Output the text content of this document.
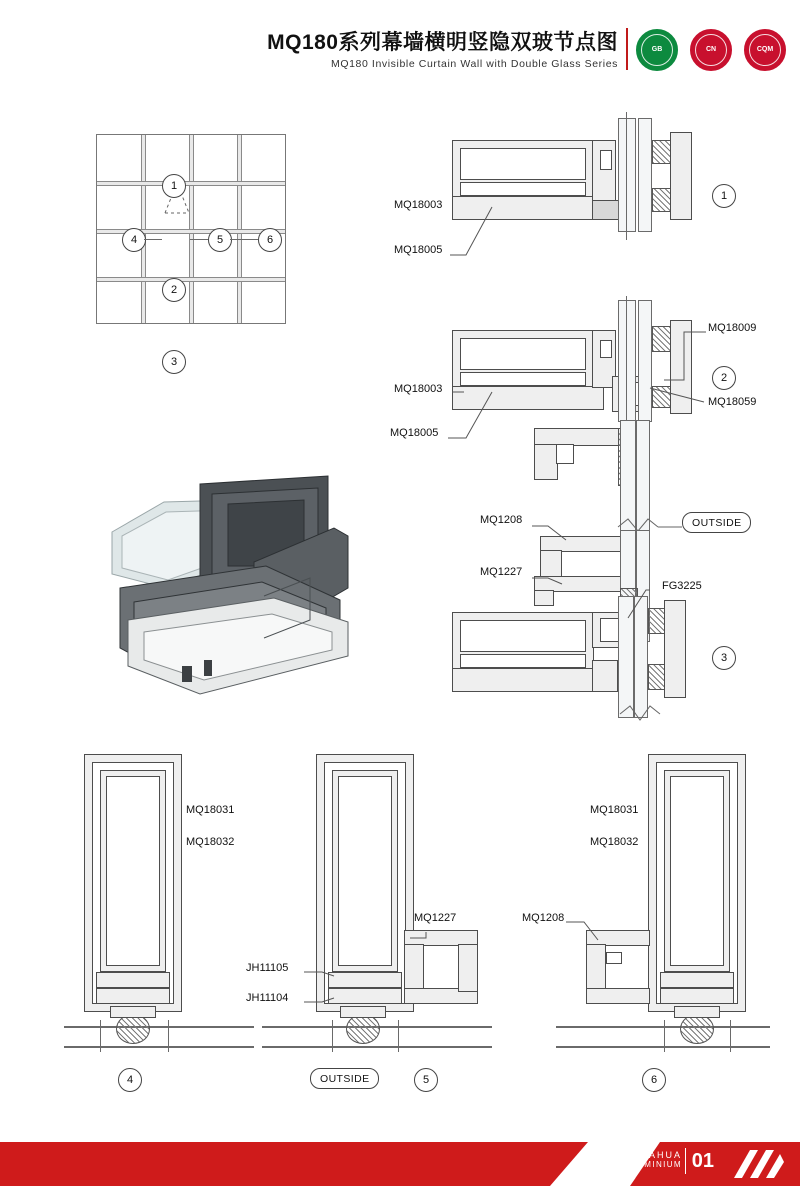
MQ180系列幕墙横明竖隐双玻节点图
MQ180 Invisible Curtain Wall with Double Glass Series
GB	CN	CQM
1
2
3
4	5	6
MQ18003
MQ18005
1
MQ18003
MQ18005
MQ18009
MQ18059
2
OUTSIDE
MQ1208
MQ1227
FG3225
3
MQ18031
MQ18032
4
MQ1227
JH11105
JH11104
OUTSIDE	5
MQ18031
MQ18032
MQ1208
6
JIAHUA
ALUMINIUM 01
